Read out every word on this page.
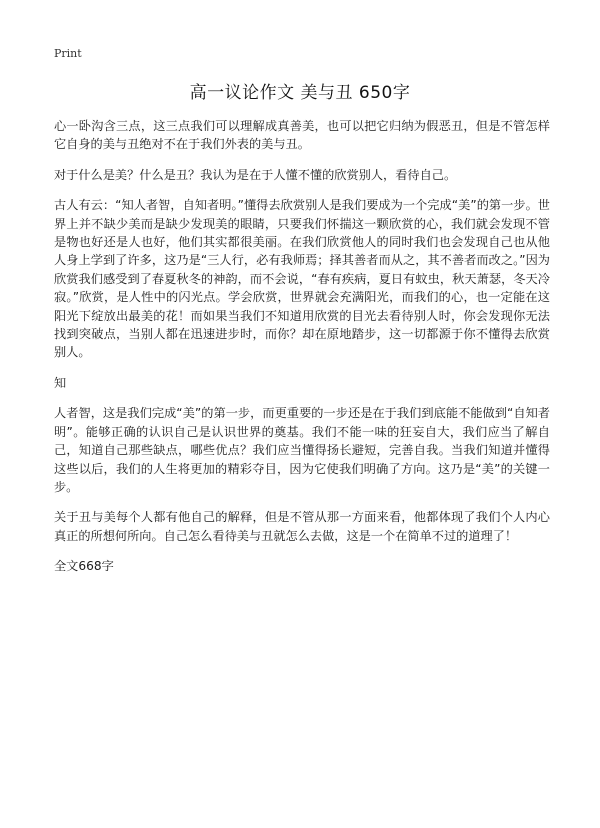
Print
高一议论作文 美与丑 650字

心一卧沟含三点，这三点我们可以理解成真善美，也可以把它归纳为假恶丑，但是不管怎样它自身的美与丑绝对不在于我们外表的美与丑。

对于什么是美？什么是丑？我认为是在于人懂不懂的欣赏别人，看待自己。

古人有云：“知人者智，自知者明。”懂得去欣赏别人是我们要成为一个完成“美”的第一步。世界上并不缺少美而是缺少发现美的眼睛，只要我们怀揣这一颗欣赏的心，我们就会发现不管是物也好还是人也好，他们其实都很美丽。在我们欣赏他人的同时我们也会发现自己也从他人身上学到了许多，这乃是“三人行，必有我师焉；择其善者而从之，其不善者而改之。”因为欣赏我们感受到了春夏秋冬的神韵，而不会说，“春有疾病，夏日有蚊虫，秋天萧瑟，冬天冷寂。”欣赏，是人性中的闪光点。学会欣赏，世界就会充满阳光，而我们的心，也一定能在这阳光下绽放出最美的花！而如果当我们不知道用欣赏的目光去看待别人时，你会发现你无法找到突破点，当别人都在迅速进步时，而你？却在原地踏步，这一切都源于你不懂得去欣赏别人。

知

人者智，这是我们完成“美”的第一步，而更重要的一步还是在于我们到底能不能做到“自知者明”。能够正确的认识自己是认识世界的奠基。我们不能一味的狂妄自大，我们应当了解自己，知道自己那些缺点，哪些优点？我们应当懂得扬长避短，完善自我。当我们知道并懂得这些以后，我们的人生将更加的精彩夺目，因为它使我们明确了方向。这乃是“美”的关键一步。

关于丑与美每个人都有他自己的解释，但是不管从那一方面来看，他都体现了我们个人内心真正的所想何所向。自己怎么看待美与丑就怎么去做，这是一个在简单不过的道理了！

全文668字
